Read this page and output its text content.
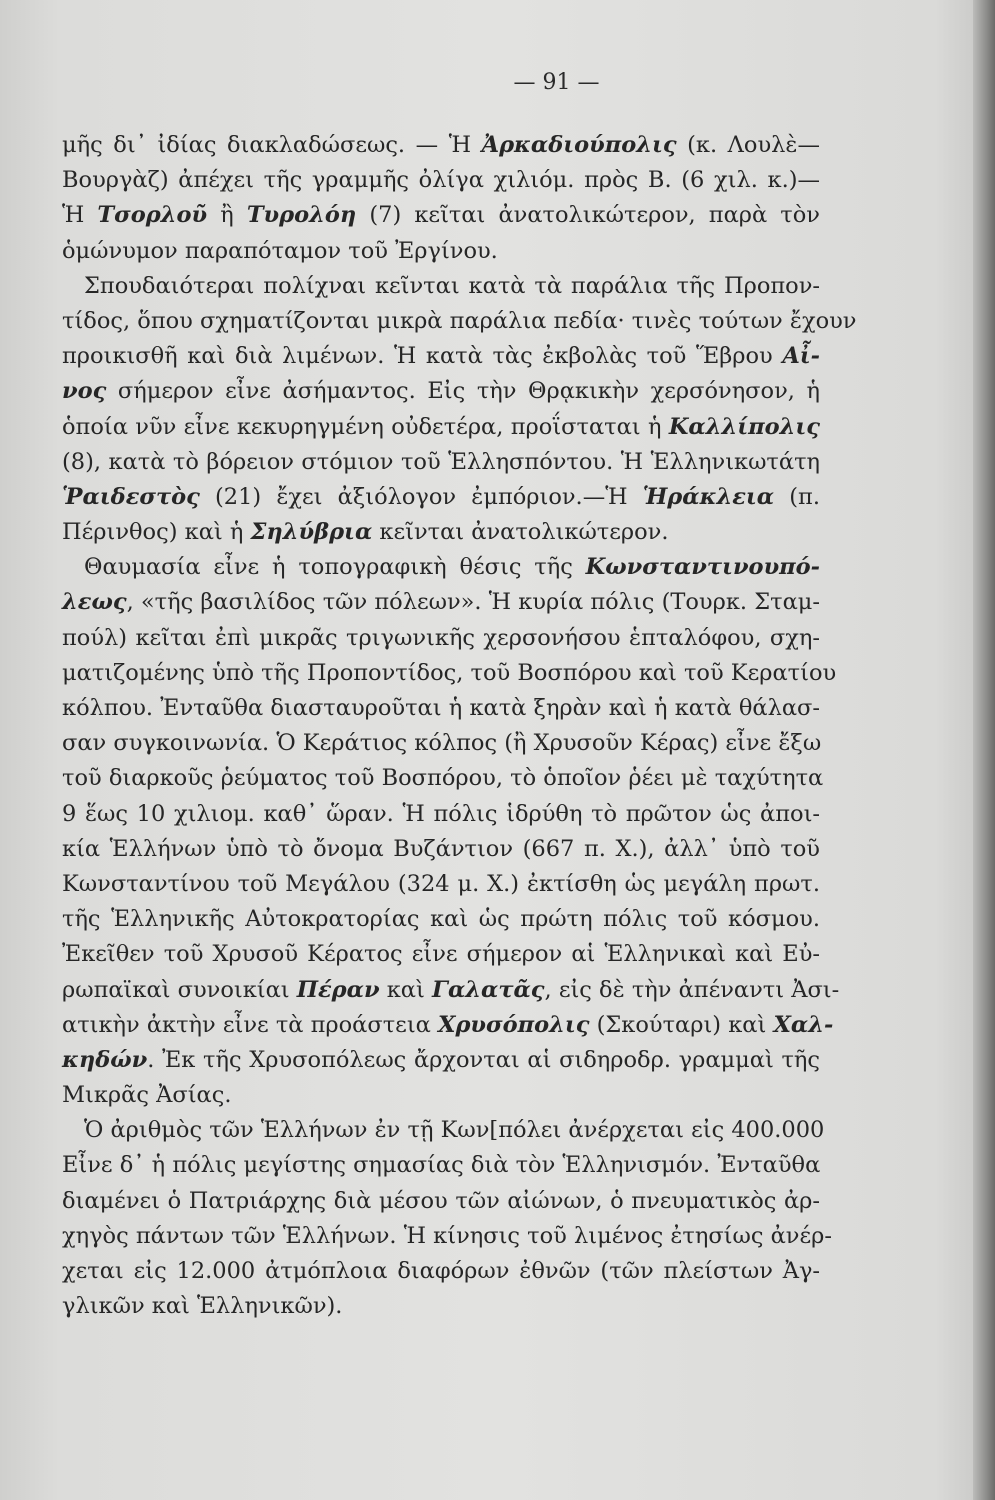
— 91 —
μῆς δι᾽ ἰδίας διακλαδώσεως. — Ἡ Ἀρκαδιούπολις (κ. Λουλὲ—
Βουργὰζ) ἀπέχει τῆς γραμμῆς ὀλίγα χιλιόμ. πρὸς Β. (6 χιλ. κ.)—
Ἡ Τσορλοῦ ἢ Τυρολόη (7) κεῖται ἀνατολικώτερον, παρὰ τὸν
ὁμώνυμον παραπόταμον τοῦ Ἐργίνου.
Σπουδαιότεραι πολίχναι κεῖνται κατὰ τὰ παράλια τῆς Προπον-
τίδος, ὅπου σχηματίζονται μικρὰ παράλια πεδία· τινὲς τούτων ἔχουν
προικισθῆ καὶ διὰ λιμένων. Ἡ κατὰ τὰς ἐκβολὰς τοῦ Ἕβρου Αἶ-
νος σήμερον εἶνε ἀσήμαντος. Εἰς τὴν Θρᾳκικὴν χερσόνησον, ἡ
ὁποία νῦν εἶνε κεκυρηγμένη οὐδετέρα, προΐσταται ἡ Καλλίπολις
(8), κατὰ τὸ βόρειον στόμιον τοῦ Ἑλλησπόντου. Ἡ Ἑλληνικωτάτη
Ῥαιδεστὸς (21) ἔχει ἀξιόλογον ἐμπόριον.—Ἡ Ἡράκλεια (π.
Πέρινθος) καὶ ἡ Σηλύβρια κεῖνται ἀνατολικώτερον.
Θαυμασία εἶνε ἡ τοπογραφικὴ θέσις τῆς Κωνσταντινουπό-
λεως, «τῆς βασιλίδος τῶν πόλεων». Ἡ κυρία πόλις (Τουρκ. Σταμ-
πούλ) κεῖται ἐπὶ μικρᾶς τριγωνικῆς χερσονήσου ἑπταλόφου, σχη-
ματιζομένης ὑπὸ τῆς Προποντίδος, τοῦ Βοσπόρου καὶ τοῦ Κερατίου
κόλπου. Ἐνταῦθα διασταυροῦται ἡ κατὰ ξηρὰν καὶ ἡ κατὰ θάλασ-
σαν συγκοινωνία. Ὁ Κεράτιος κόλπος (ἢ Χρυσοῦν Κέρας) εἶνε ἔξω
τοῦ διαρκοῦς ῥεύματος τοῦ Βοσπόρου, τὸ ὁποῖον ῥέει μὲ ταχύτητα
9 ἕως 10 χιλιομ. καθ᾽ ὥραν. Ἡ πόλις ἱδρύθη τὸ πρῶτον ὡς ἀποι-
κία Ἑλλήνων ὑπὸ τὸ ὄνομα Βυζάντιον (667 π. Χ.), ἀλλ᾽ ὑπὸ τοῦ
Κωνσταντίνου τοῦ Μεγάλου (324 μ. Χ.) ἐκτίσθη ὡς μεγάλη πρωτ.
τῆς Ἑλληνικῆς Αὐτοκρατορίας καὶ ὡς πρώτη πόλις τοῦ κόσμου.
Ἐκεῖθεν τοῦ Χρυσοῦ Κέρατος εἶνε σήμερον αἱ Ἑλληνικαὶ καὶ Εὐ-
ρωπαϊκαὶ συνοικίαι Πέραν καὶ Γαλατᾶς, εἰς δὲ τὴν ἀπέναντι Ἀσι-
ατικὴν ἀκτὴν εἶνε τὰ προάστεια Χρυσόπολις (Σκούταρι) καὶ Χαλ-
κηδών. Ἐκ τῆς Χρυσοπόλεως ἄρχονται αἱ σιδηροδρ. γραμμαὶ τῆς
Μικρᾶς Ἀσίας.
Ὁ ἀριθμὸς τῶν Ἑλλήνων ἐν τῇ Κων[πόλει ἀνέρχεται εἰς 400.000
Εἶνε δ᾽ ἡ πόλις μεγίστης σημασίας διὰ τὸν Ἑλληνισμόν. Ἐνταῦθα
διαμένει ὁ Πατριάρχης διὰ μέσου τῶν αἰώνων, ὁ πνευματικὸς ἀρ-
χηγὸς πάντων τῶν Ἑλλήνων. Ἡ κίνησις τοῦ λιμένος ἐτησίως ἀνέρ-
χεται εἰς 12.000 ἀτμόπλοια διαφόρων ἐθνῶν (τῶν πλείστων Ἀγ-
γλικῶν καὶ Ἑλληνικῶν).
